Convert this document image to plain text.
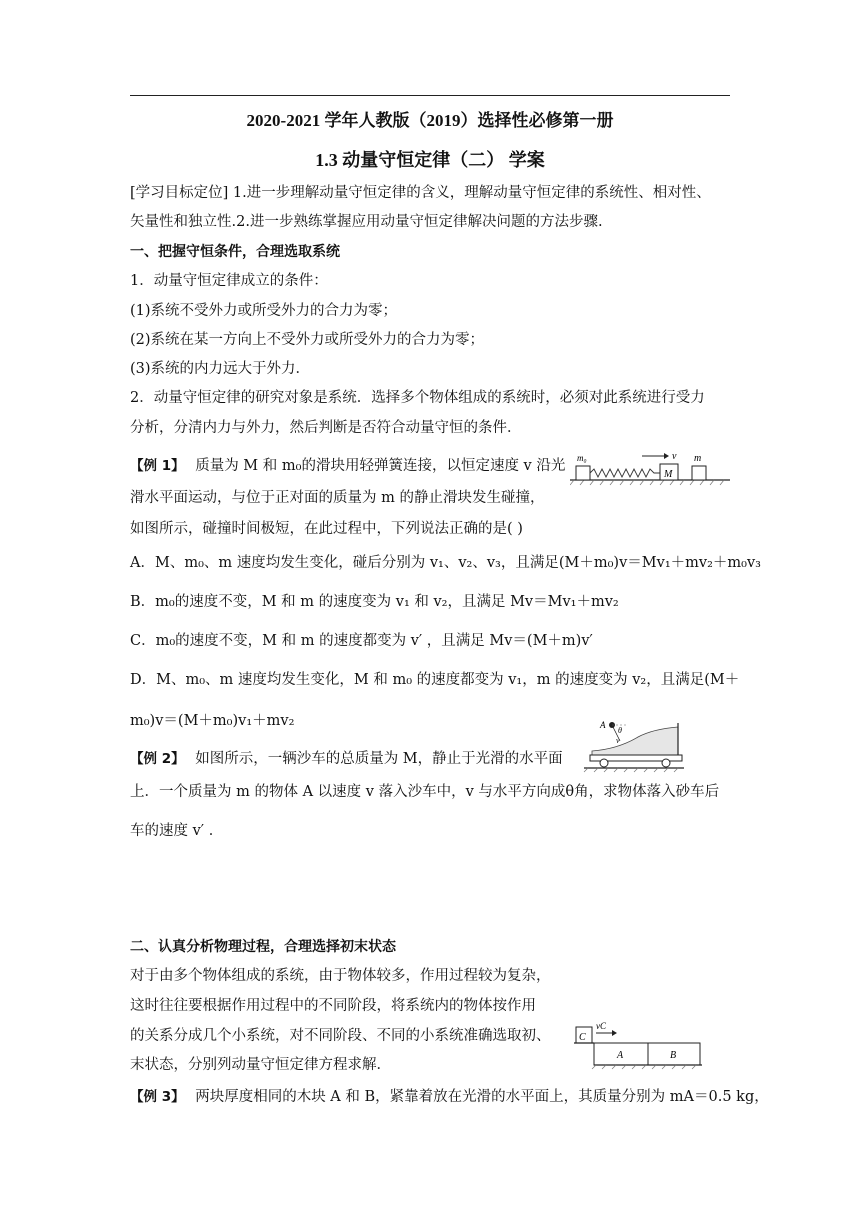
2020-2021 学年人教版（2019）选择性必修第一册
1.3 动量守恒定律（二） 学案
[学习目标定位] 1.进一步理解动量守恒定律的含义，理解动量守恒定律的系统性、相对性、
矢量性和独立性.2.进一步熟练掌握应用动量守恒定律解决问题的方法步骤.
一、把握守恒条件，合理选取系统
1．动量守恒定律成立的条件：
(1)系统不受外力或所受外力的合力为零；
(2)系统在某一方向上不受外力或所受外力的合力为零；
(3)系统的内力远大于外力．
2．动量守恒定律的研究对象是系统．选择多个物体组成的系统时，必须对此系统进行受力
分析，分清内力与外力，然后判断是否符合动量守恒的条件．
【例 1】 质量为 M 和 m₀的滑块用轻弹簧连接，以恒定速度 v 沿光
滑水平面运动，与位于正对面的质量为 m 的静止滑块发生碰撞，
如图所示，碰撞时间极短，在此过程中，下列说法正确的是( )
m₀	v
M
m
A．M、m₀、m 速度均发生变化，碰后分别为 v₁、v₂、v₃，且满足(M＋m₀)v＝Mv₁＋mv₂＋m₀v₃
B．m₀的速度不变，M 和 m 的速度变为 v₁ 和 v₂，且满足 Mv＝Mv₁＋mv₂
C．m₀的速度不变，M 和 m 的速度都变为 v′ ，且满足 Mv＝(M＋m)v′
D．M、m₀、m 速度均发生变化，M 和 m₀ 的速度都变为 v₁，m 的速度变为 v₂，且满足(M＋
m₀)v＝(M＋m₀)v₁＋mv₂
【例 2】 如图所示，一辆沙车的总质量为 M，静止于光滑的水平面
上．一个质量为 m 的物体 A 以速度 v 落入沙车中，v 与水平方向成θ角，求物体落入砂车后
车的速度 v′ ．
A
θ
v
二、认真分析物理过程，合理选择初末状态
对于由多个物体组成的系统，由于物体较多，作用过程较为复杂，
这时往往要根据作用过程中的不同阶段，将系统内的物体按作用
的关系分成几个小系统，对不同阶段、不同的小系统准确选取初、
末状态，分别列动量守恒定律方程求解．
C
vC
A	B
【例 3】 两块厚度相同的木块 A 和 B，紧靠着放在光滑的水平面上，其质量分别为 mA＝0.5 kg，
